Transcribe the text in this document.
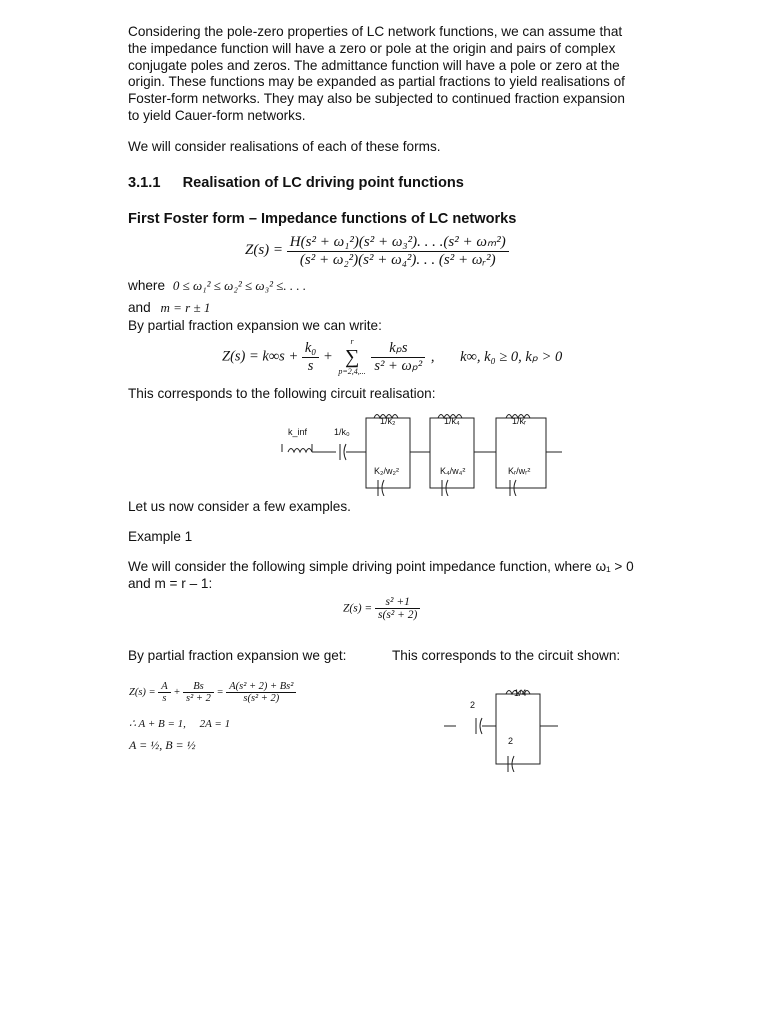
Considering the pole-zero properties of LC network functions, we can assume that the impedance function will have a zero or pole at the origin and pairs of complex conjugate poles and zeros. The admittance function will have a pole or zero at the origin. These functions may be expanded as partial fractions to yield realisations of Foster-form networks. They may also be subjected to continued fraction expansion to yield Cauer-form networks.
We will consider realisations of each of these forms.
3.1.1 Realisation of LC driving point functions
First Foster form – Impedance functions of LC networks
$Z(s) = \frac{\text{H(s² + ω₁²)(s² + ω₃²). . . .(s² + ωₘ²)}}{\text{(s² + ω₂²)(s² + ω₄²). . . (s² + ωᵣ²)}}$
where 0 ≤ ω₁² ≤ ω₂² ≤ ω₃² ≤. . . .
and m = r ± 1
By partial fraction expansion we can write:
$Z(s) = k\infty s + \frac{\text{k₀}}{s}$ +
r
∑
p=2,4,...
$\frac{\text{kₚs}}{\text{s² + ωₚ²}}$ , k∞, k₀ ≥ 0, kₚ > 0
This corresponds to the following circuit realisation:
k_inf	1/k₀
1/k₂	1/k₄	1/kᵣ
K₂/w₂²	K₄/w₄²	Kᵣ/wᵣ²
Let us now consider a few examples.
Example 1
We will consider the following simple driving point impedance function, where ω₁ > 0 and m = r – 1:
$Z(s) = \frac{\text{s² +1}}{\text{s(s² + 2)}}$
By partial fraction expansion we get:	This corresponds to the circuit shown:
$Z(s) = \frac{A}{s} + \frac{Bs}{\text{s² + 2}} = \frac{\text{A(s² + 2) + Bs²}}{\text{s(s² + 2)}}$
∴ A + B = 1,     2A = 1
A = ½, B = ½
1/4
2
2
